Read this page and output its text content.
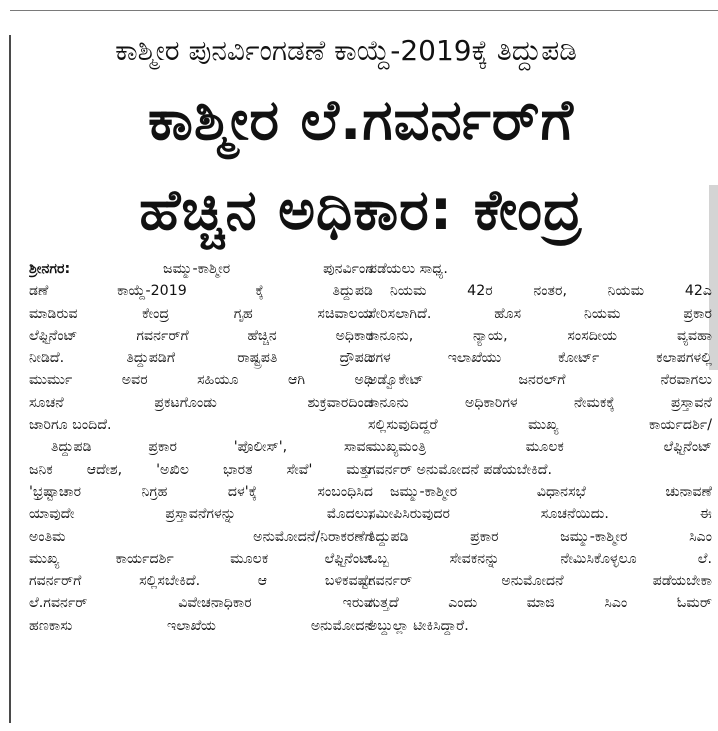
ಕಾಶ್ಮೀರ ಪುನರ್ವಿಂಗಡಣೆ ಕಾಯ್ದೆ-2019ಕ್ಕೆ ತಿದ್ದುಪಡಿ
ಕಾಶ್ಮೀರ ಲೆ.ಗವರ್ನರ್‌ಗೆ
ಹೆಚ್ಚಿನ ಅಧಿಕಾರ: ಕೇಂದ್ರ
ಶ್ರೀನಗರ:	ಜಮ್ಮು-ಕಾಶ್ಮೀರ ಪುನರ್ವಿಂಗ
ಡಣೆ ಕಾಯ್ದೆ-2019 ಕ್ಕೆ ತಿದ್ದುಪಡಿ
ಮಾಡಿರುವ ಕೇಂದ್ರ ಗೃಹ ಸಚಿವಾಲಯ
ಲೆಫ್ಟಿನೆಂಟ್ ಗವರ್ನರ್‌ಗೆ ಹೆಚ್ಚಿನ ಅಧಿಕಾರ
ನೀಡಿದೆ. ತಿದ್ದುಪಡಿಗೆ ರಾಷ್ಟ್ರಪತಿ ದ್ರೌಪದಿ
ಮುರ್ಮು ಅವರ ಸಹಿಯೂ ಆಗಿ ಅಧಿ
ಸೂಚನೆ ಪ್ರಕಟಗೊಂಡು ಶುಕ್ರವಾರದಿಂದ
ಜಾರಿಗೂ ಬಂದಿದೆ.
ತಿದ್ದುಪಡಿ ಪ್ರಕಾರ 'ಪೊಲೀಸ್', ಸಾರ್ವ
ಜನಿಕ ಆದೇಶ, 'ಅಖಿಲ ಭಾರತ ಸೇವೆ' ಮತ್ತು
'ಭ್ರಷ್ಟಾಚಾರ ನಿಗ್ರಹ ದಳ'ಕ್ಕೆ ಸಂಬಂಧಿಸಿದ
ಯಾವುದೇ ಪ್ರಸ್ತಾವನೆಗಳನ್ನು ಮೊದಲು,
ಅಂತಿಮ ಅನುಮೋದನೆ/ನಿರಾಕರಣೆಗೆ
ಮುಖ್ಯ ಕಾರ್ಯದರ್ಶಿ ಮೂಲಕ ಲೆಫ್ಟಿನೆಂಟ್
ಗವರ್ನರ್‌ಗೆ ಸಲ್ಲಿಸಬೇಕಿದೆ. ಆ ಬಳಿಕವಷ್ಟೇ
ಲೆ.ಗವರ್ನರ್ ವಿವೇಚನಾಧಿಕಾರ ಇರುವ
ಹಣಕಾಸು ಇಲಾಖೆಯ ಅನುಮೋದನೆ
ಪಡೆಯಲು ಸಾಧ್ಯ.
ನಿಯಮ 42ರ ನಂತರ, ನಿಯಮ 42ಎ
ಸೇರಿಸಲಾಗಿದೆ. ಹೊಸ ನಿಯಮ ಪ್ರಕಾರ
ಕಾನೂನು, ನ್ಯಾಯ, ಸಂಸದೀಯ ವ್ಯವಹಾ
ರಗಳ ಇಲಾಖೆಯು ಕೋರ್ಟ್ ಕಲಾಪಗಳಲ್ಲಿ
ಅಡ್ವೊಕೇಟ್ ಜನರಲ್‌ಗೆ ನೆರವಾಗಲು
ಕಾನೂನು ಅಧಿಕಾರಿಗಳ ನೇಮಕಕ್ಕೆ ಪ್ರಸ್ತಾವನೆ
ಸಲ್ಲಿಸುವುದಿದ್ದರೆ ಮುಖ್ಯ ಕಾರ್ಯದರ್ಶಿ/
ಮುಖ್ಯಮಂತ್ರಿ ಮೂಲಕ ಲೆಫ್ಟಿನೆಂಟ್
ಗವರ್ನರ್ ಅನುಮೋದನೆ ಪಡೆಯಬೇಕಿದೆ.
ಜಮ್ಮು-ಕಾಶ್ಮೀರ ವಿಧಾನಸಭೆ ಚುನಾವಣೆ
ಸಮೀಪಿಸಿರುವುದರ ಸೂಚನೆಯಿದು. ಈ
ತಿದ್ದುಪಡಿ ಪ್ರಕಾರ ಜಮ್ಮು-ಕಾಶ್ಮೀರ ಸಿಎಂ
ಒಬ್ಬ ಸೇವಕನನ್ನು ನೇಮಿಸಿಕೊಳ್ಳಲೂ ಲೆ.
ಗವರ್ನರ್ ಅನುಮೋದನೆ ಪಡೆಯಬೇಕಾ
ಗುತ್ತದೆ ಎಂದು ಮಾಜಿ ಸಿಎಂ ಓಮರ್
ಅಬ್ದುಲ್ಲಾ ಟೀಕಿಸಿದ್ದಾರೆ.
